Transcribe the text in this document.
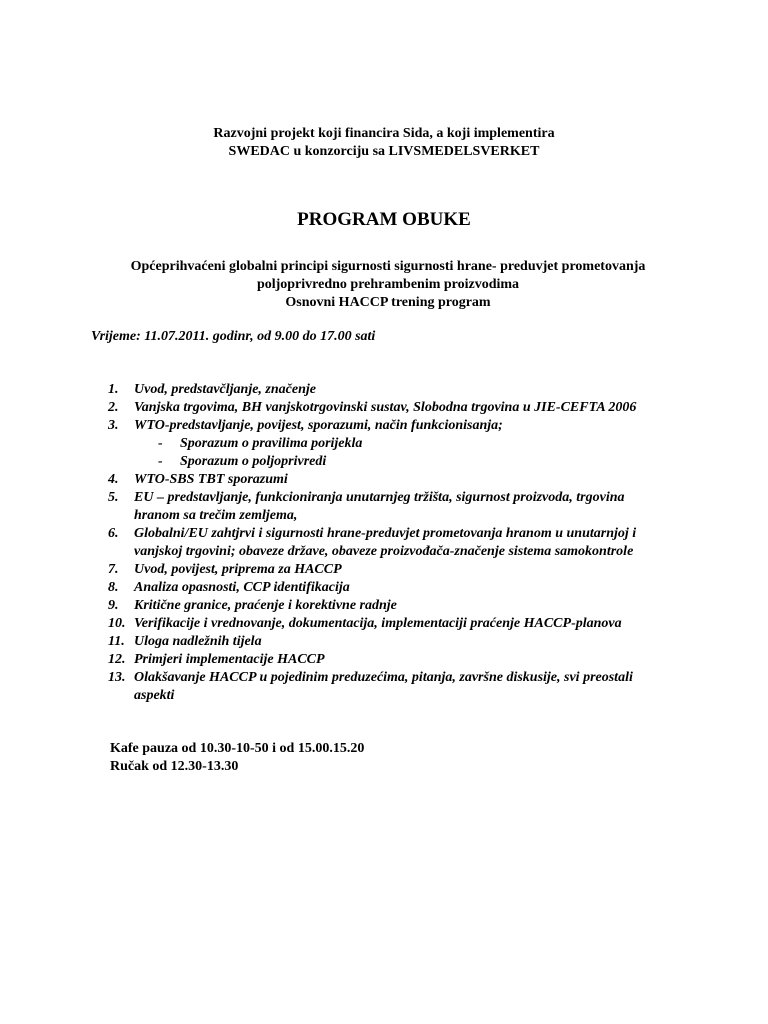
Razvojni projekt koji financira Sida, a koji implementira
SWEDAC u konzorciju sa LIVSMEDELSVERKET
PROGRAM OBUKE
Općeprihvaćeni globalni principi sigurnosti sigurnosti hrane- preduvjet prometovanja
poljoprivredno prehrambenim proizvodima
Osnovni HACCP trening program
Vrijeme: 11.07.2011. godinr, od 9.00 do 17.00 sati
1.	Uvod, predstavčljanje, značenje
2.	Vanjska trgovima, BH vanjskotrgovinski sustav, Slobodna trgovina u JIE-CEFTA 2006
3.	WTO-predstavljanje, povijest, sporazumi, način funkcionisanja;
- Sporazum o pravilima porijekla
- Sporazum o poljoprivredi
4.	WTO-SBS TBT sporazumi
5.	EU – predstavljanje, funkcioniranja unutarnjeg tržišta, sigurnost proizvoda, trgovina
hranom sa trečim zemljema,
6.	Globalni/EU zahtjrvi i sigurnosti hrane-preduvjet prometovanja hranom u unutarnjoj i
vanjskoj trgovini; obaveze države, obaveze proizvođača-značenje sistema samokontrole
7.	Uvod, povijest, pripremа za HACCP
8.	Analiza opasnosti, CCP identifikacija
9.	Kritične granice, praćenje i korektivne radnje
10. Verifikacije i vrednovanje, dokumentacija, implementaciji praćenje HACCP-planova
11. Uloga nadležnih tijela
12. Primjeri implementacije HACCP
13. Olakšavanje HACCP u pojedinim preduzećima, pitanja, završne diskusije, svi preostali
aspekti
Kafe pauza od 10.30-10-50 i od 15.00.15.20
Ručak od 12.30-13.30
